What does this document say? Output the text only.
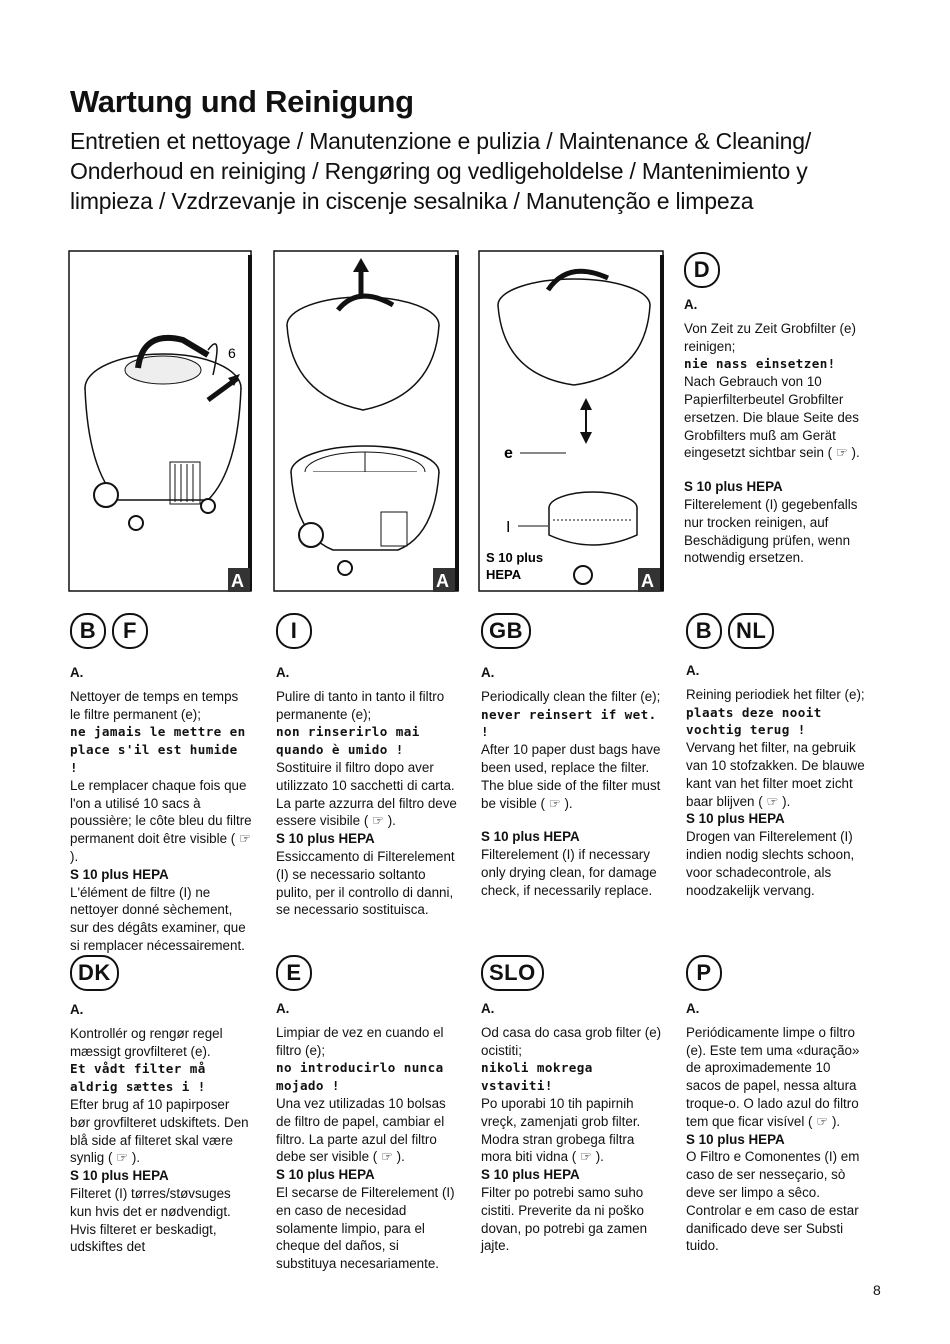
Wartung und Reinigung

Entretien et nettoyage / Manutenzione e pulizia / Maintenance & Cleaning/ Onderhoud en reiniging / Rengøring og vedligeholdelse / Mantenimiento y limpieza / Vzdrzevanje in ciscenje sesalnika / Manutenção e limpeza

6
A	A
e
I
S 10 plus
HEPA	A
D

A.

Von Zeit zu Zeit Grobfilter (e) reinigen;

nie nass einsetzen!

Nach Gebrauch von 10 Papierfilterbeutel Grobfilter ersetzen. Die blaue Seite des Grobfilters muß am Gerät eingesetzt sichtbar sein ( ☞ ).

S 10 plus HEPA

Filterelement (I) gegebenfalls nur trocken reinigen, auf Beschädigung prüfen, wenn notwendig ersetzen.

B	F	I	GB	B	NL

A.

Nettoyer de temps en temps le filtre permanent (e);

ne jamais le mettre en place s'il est humide !

Le remplacer chaque fois que l'on a utilisé 10 sacs à poussière; le côte bleu du filtre permanent doit être visible ( ☞ ).

S 10 plus HEPA

L'élément de filtre (I) ne nettoyer donné sèchement, sur des dégâts examiner, que si remplacer nécessairement.

A.

Pulire di tanto in tanto il filtro permanente (e);

non rinserirlo mai quando è umido !

Sostituire il filtro dopo aver utilizzato 10 sacchetti di carta. La parte azzurra del filtro deve essere visibile ( ☞ ).

S 10 plus HEPA

Essiccamento di Filterelement (I) se necessario soltanto pulito, per il controllo di danni, se necessario sostituisca.

A.

Periodically clean the filter (e);

never reinsert if wet. !

After 10 paper dust bags have been used, replace the filter. The blue side of the filter must be visible ( ☞ ).

S 10 plus HEPA

Filterelement (I) if necessary only drying clean, for damage check, if necessarily replace.

A.

Reining periodiek het filter (e);

plaats deze nooit vochtig terug !

Vervang het filter, na gebruik van 10 stofzakken. De blauwe kant van het filter moet zicht baar blijven ( ☞ ).

S 10 plus HEPA

Drogen van Filterelement (I) indien nodig slechts schoon, voor schadecontrole, als noodzakelijk vervang.

DK	E	SLO	P

A.

Kontrollér og rengør regel mæssigt grovfilteret (e).

Et vådt filter må aldrig sættes i !

Efter brug af 10 papirposer bør grovfilteret udskiftets. Den blå side af filteret skal være synlig ( ☞ ).

S 10 plus HEPA

Filteret (I) tørres/støvsuges kun hvis det er nødvendigt. Hvis filteret er beskadigt, udskiftes det

A.

Limpiar de vez en cuando el filtro (e);

no introducirlo nunca mojado !

Una vez utilizadas 10 bolsas de filtro de papel, cambiar el filtro. La parte azul del filtro debe ser visible ( ☞ ).

S 10 plus HEPA

El secarse de Filterelement (I) en caso de necesidad solamente limpio, para el cheque del daños, si substituya necesariamente.

A.

Od casa do casa grob filter (e) ocistiti;

nikoli mokrega vstaviti!

Po uporabi 10 tih papirnih vreçk, zamenjati grob filter. Modra stran grobega filtra mora biti vidna ( ☞ ).

S 10 plus HEPA

Filter po potrebi samo suho cistiti. Preverite da ni poško dovan, po potrebi ga zamen jajte.

A.

Periódicamente limpe o filtro (e). Este tem uma «duração» de aproximademente 10 sacos de papel, nessa altura troque-o. O lado azul do filtro tem que ficar visível ( ☞ ).

S 10 plus HEPA

O Filtro e Comonentes (I) em caso de ser nesseçario, sò deve ser limpo a sêco. Controlar e em caso de estar danificado deve ser Substi tuido.

8
